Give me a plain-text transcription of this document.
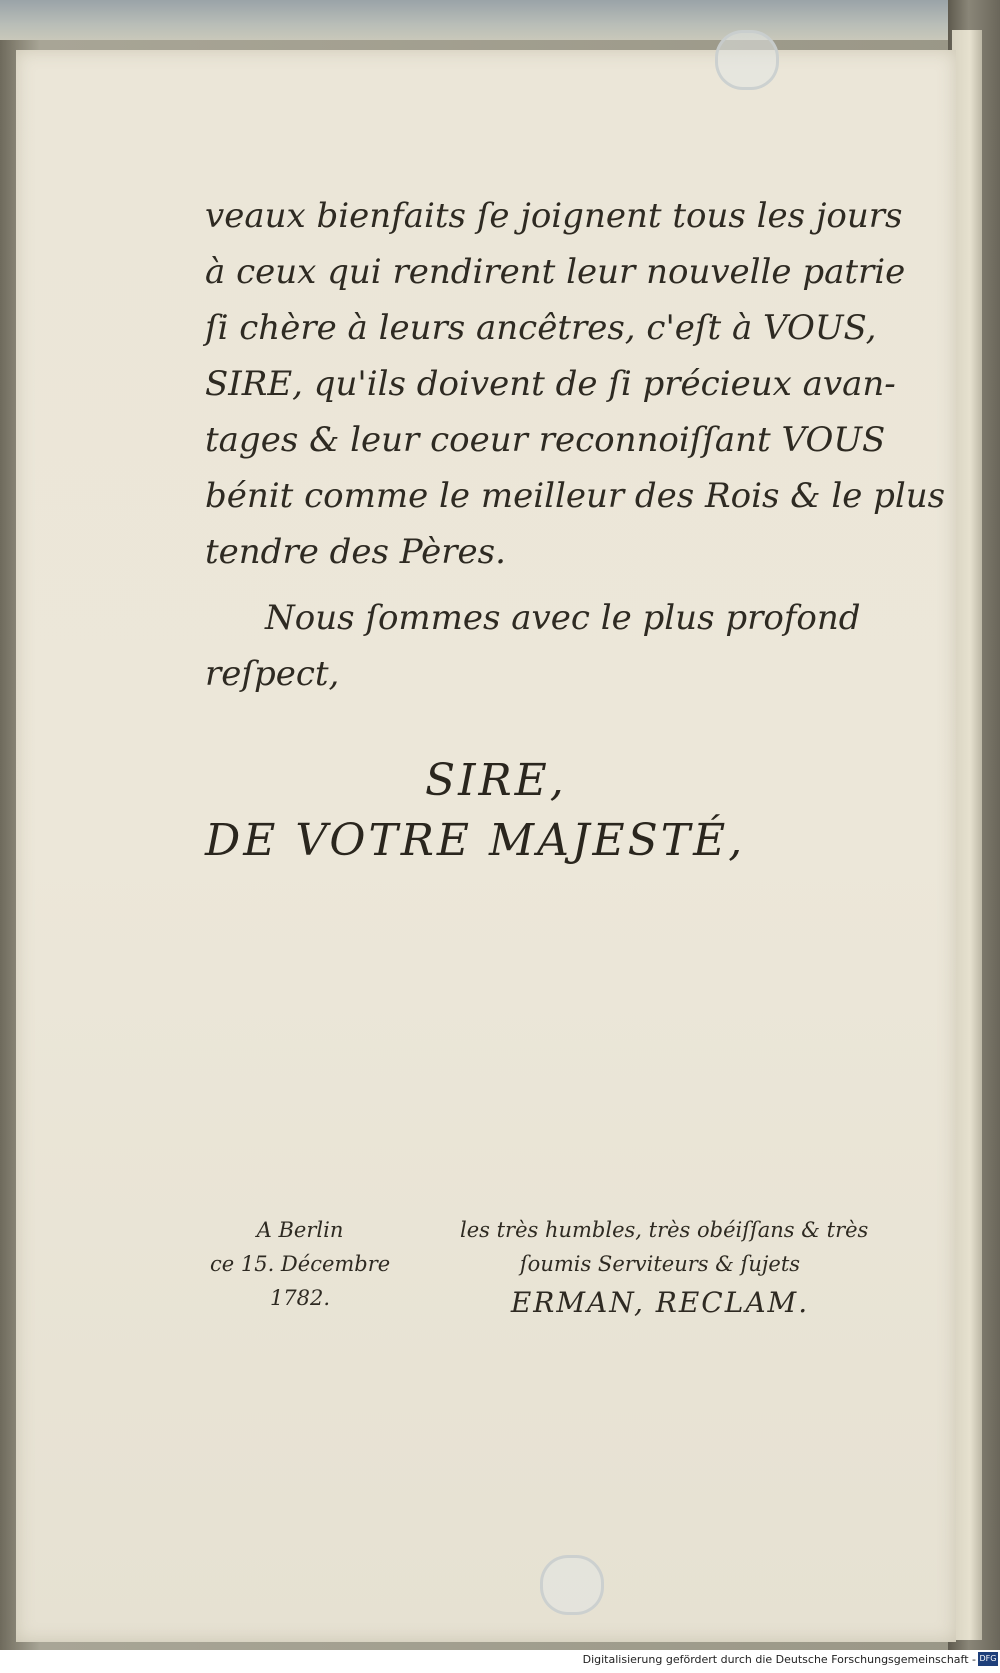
veaux bienfaits ſe joignent tous les jours
à ceux qui rendirent leur nouvelle patrie
ſi chère à leurs ancêtres, c'eſt à VOUS,
SIRE, qu'ils doivent de ſi précieux avan-
tages & leur coeur reconnoiſſant VOUS
bénit comme le meilleur des Rois & le plus
tendre des Pères.
Nous ſommes avec le plus profond
reſpect,
SIRE,
DE VOTRE MAJESTÉ,
A Berlin
ce 15. Décembre
1782.
les très humbles, très obéiſſans & très
ſoumis Serviteurs & ſujets
ERMAN, RECLAM.
Digitalisierung gefördert durch die Deutsche Forschungsgemeinschaft - DFG
